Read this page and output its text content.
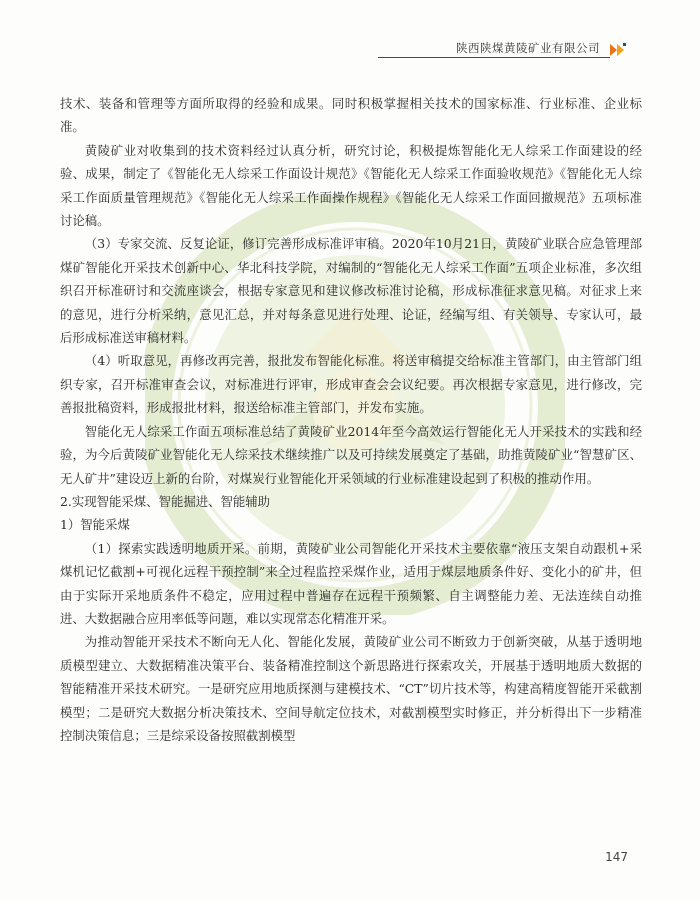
陕西陕煤黄陵矿业有限公司

技术、装备和管理等方面所取得的经验和成果。同时积极掌握相关技术的国家标准、行业标准、企业标准。

黄陵矿业对收集到的技术资料经过认真分析，研究讨论，积极提炼智能化无人综采工作面建设的经验、成果，制定了《智能化无人综采工作面设计规范》《智能化无人综采工作面验收规范》《智能化无人综采工作面质量管理规范》《智能化无人综采工作面操作规程》《智能化无人综采工作面回撤规范》五项标准讨论稿。

（3）专家交流、反复论证，修订完善形成标准评审稿。2020年10月21日，黄陵矿业联合应急管理部煤矿智能化开采技术创新中心、华北科技学院，对编制的“智能化无人综采工作面”五项企业标准，多次组织召开标准研讨和交流座谈会，根据专家意见和建议修改标准讨论稿，形成标准征求意见稿。对征求上来的意见，进行分析采纳，意见汇总，并对每条意见进行处理、论证，经编写组、有关领导、专家认可，最后形成标准送审稿材料。

（4）听取意见，再修改再完善，报批发布智能化标准。将送审稿提交给标准主管部门，由主管部门组织专家，召开标准审查会议，对标准进行评审，形成审查会会议纪要。再次根据专家意见，进行修改，完善报批稿资料，形成报批材料，报送给标准主管部门，并发布实施。

智能化无人综采工作面五项标准总结了黄陵矿业2014年至今高效运行智能化无人开采技术的实践和经验，为今后黄陵矿业智能化无人综采技术继续推广以及可持续发展奠定了基础，助推黄陵矿业“智慧矿区、无人矿井”建设迈上新的台阶，对煤炭行业智能化开采领域的行业标准建设起到了积极的推动作用。

2.实现智能采煤、智能掘进、智能辅助

1）智能采煤

（1）探索实践透明地质开采。前期，黄陵矿业公司智能化开采技术主要依靠“液压支架自动跟机+采煤机记忆截割+可视化远程干预控制”来全过程监控采煤作业，适用于煤层地质条件好、变化小的矿井，但由于实际开采地质条件不稳定，应用过程中普遍存在远程干预频繁、自主调整能力差、无法连续自动推进、大数据融合应用率低等问题，难以实现常态化精准开采。

为推动智能开采技术不断向无人化、智能化发展，黄陵矿业公司不断致力于创新突破，从基于透明地质模型建立、大数据精准决策平台、装备精准控制这个新思路进行探索攻关，开展基于透明地质大数据的智能精准开采技术研究。一是研究应用地质探测与建模技术、“CT”切片技术等，构建高精度智能开采截割模型；二是研究大数据分析决策技术、空间导航定位技术，对截割模型实时修正，并分析得出下一步精准控制决策信息；三是综采设备按照截割模型

147
